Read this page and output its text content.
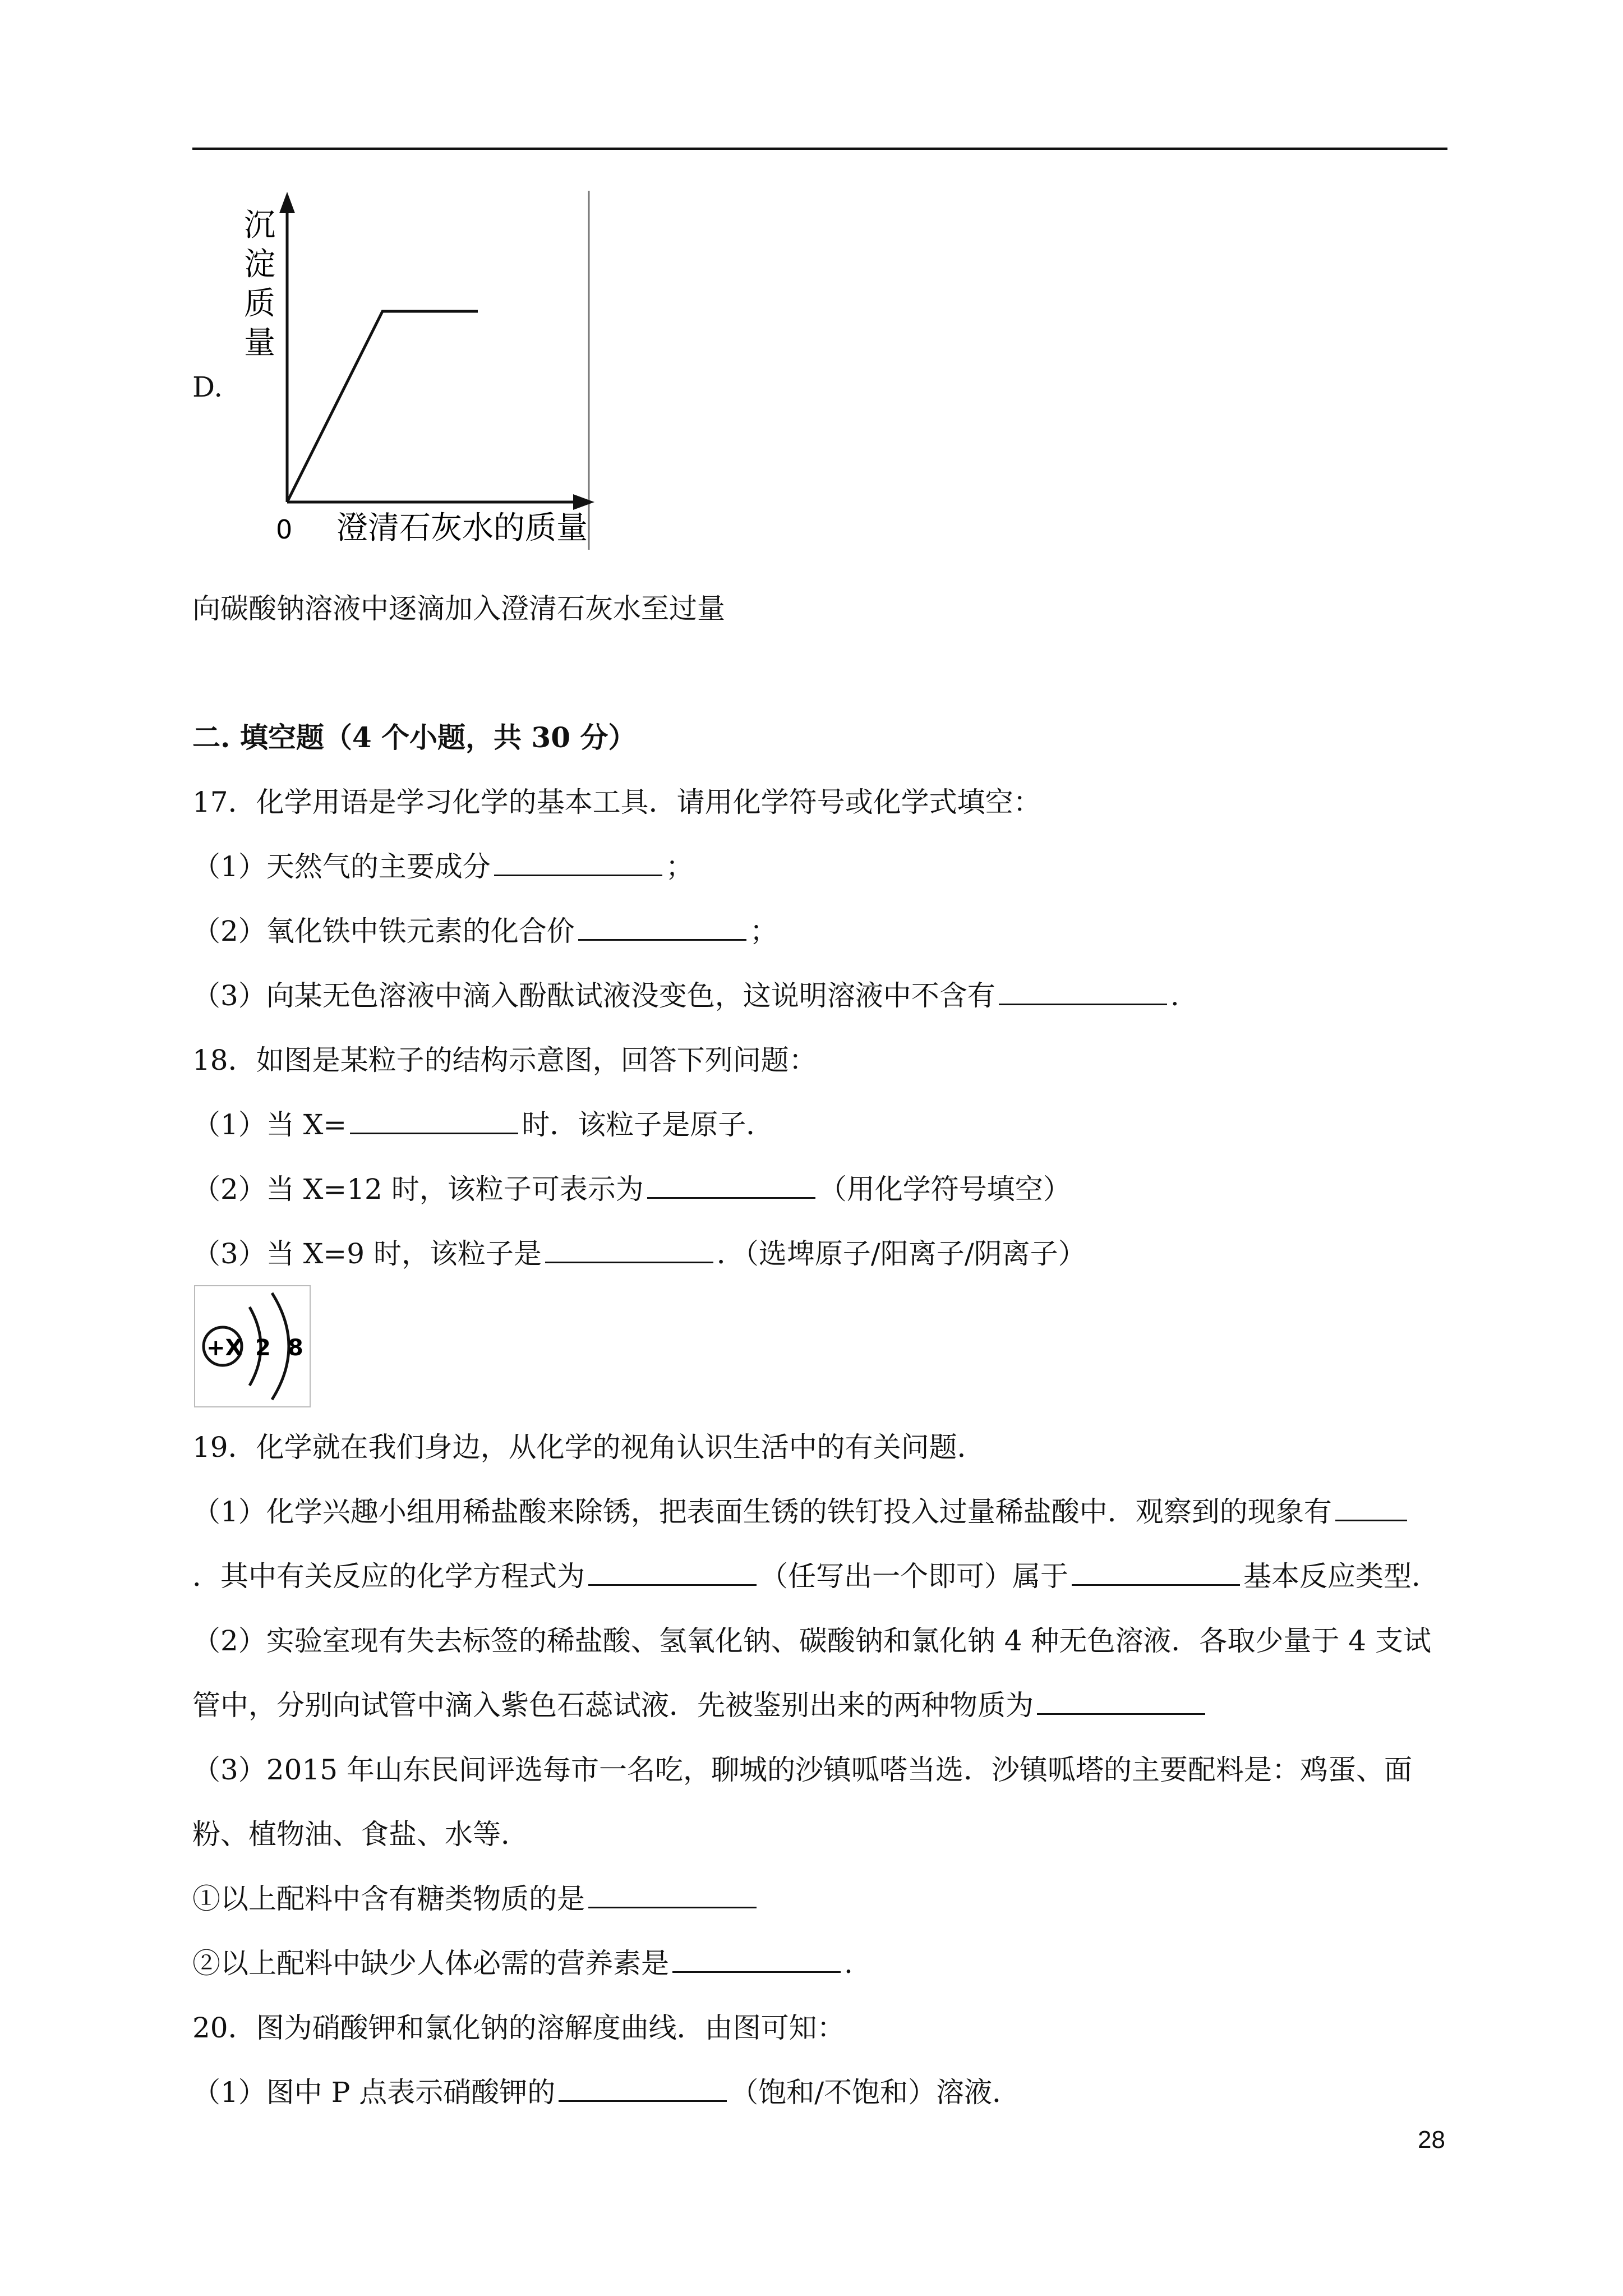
D.
沉
淀
质
量
0 澄清石灰水的质量
向碳酸钠溶液中逐滴加入澄清石灰水至过量
二. 填空题（4 个小题，共 30 分）
17．化学用语是学习化学的基本工具．请用化学符号或化学式填空：
（1）天然气的主要成分	；
（2）氧化铁中铁元素的化合价	；
（3）向某无色溶液中滴入酚酞试液没变色，这说明溶液中不含有	.
18．如图是某粒子的结构示意图，回答下列问题：
（1）当 X=	时．该粒子是原子．
（2）当 X=12 时，该粒子可表示为	（用化学符号填空）
（3）当 X=9 时，该粒子是	．（选埤原子/阳离子/阴离子）
+X 2 8
19．化学就在我们身边，从化学的视角认识生活中的有关问题．
（1）化学兴趣小组用稀盐酸来除锈，把表面生锈的铁钉投入过量稀盐酸中．观察到的现象有
．其中有关反应的化学方程式为	（任写出一个即可）属于	基本反应类型．
（2）实验室现有失去标签的稀盐酸、氢氧化钠、碳酸钠和氯化钠 4 种无色溶液．各取少量于 4 支试
管中，分别向试管中滴入紫色石蕊试液．先被鉴别出来的两种物质为
（3）2015 年山东民间评选每市一名吃，聊城的沙镇呱嗒当选．沙镇呱塔的主要配料是：鸡蛋、面
粉、植物油、食盐、水等．
①以上配料中含有糖类物质的是
②以上配料中缺少人体必需的营养素是	.
20．图为硝酸钾和氯化钠的溶解度曲线．由图可知：
（1）图中 P 点表示硝酸钾的	（饱和/不饱和）溶液．
28
